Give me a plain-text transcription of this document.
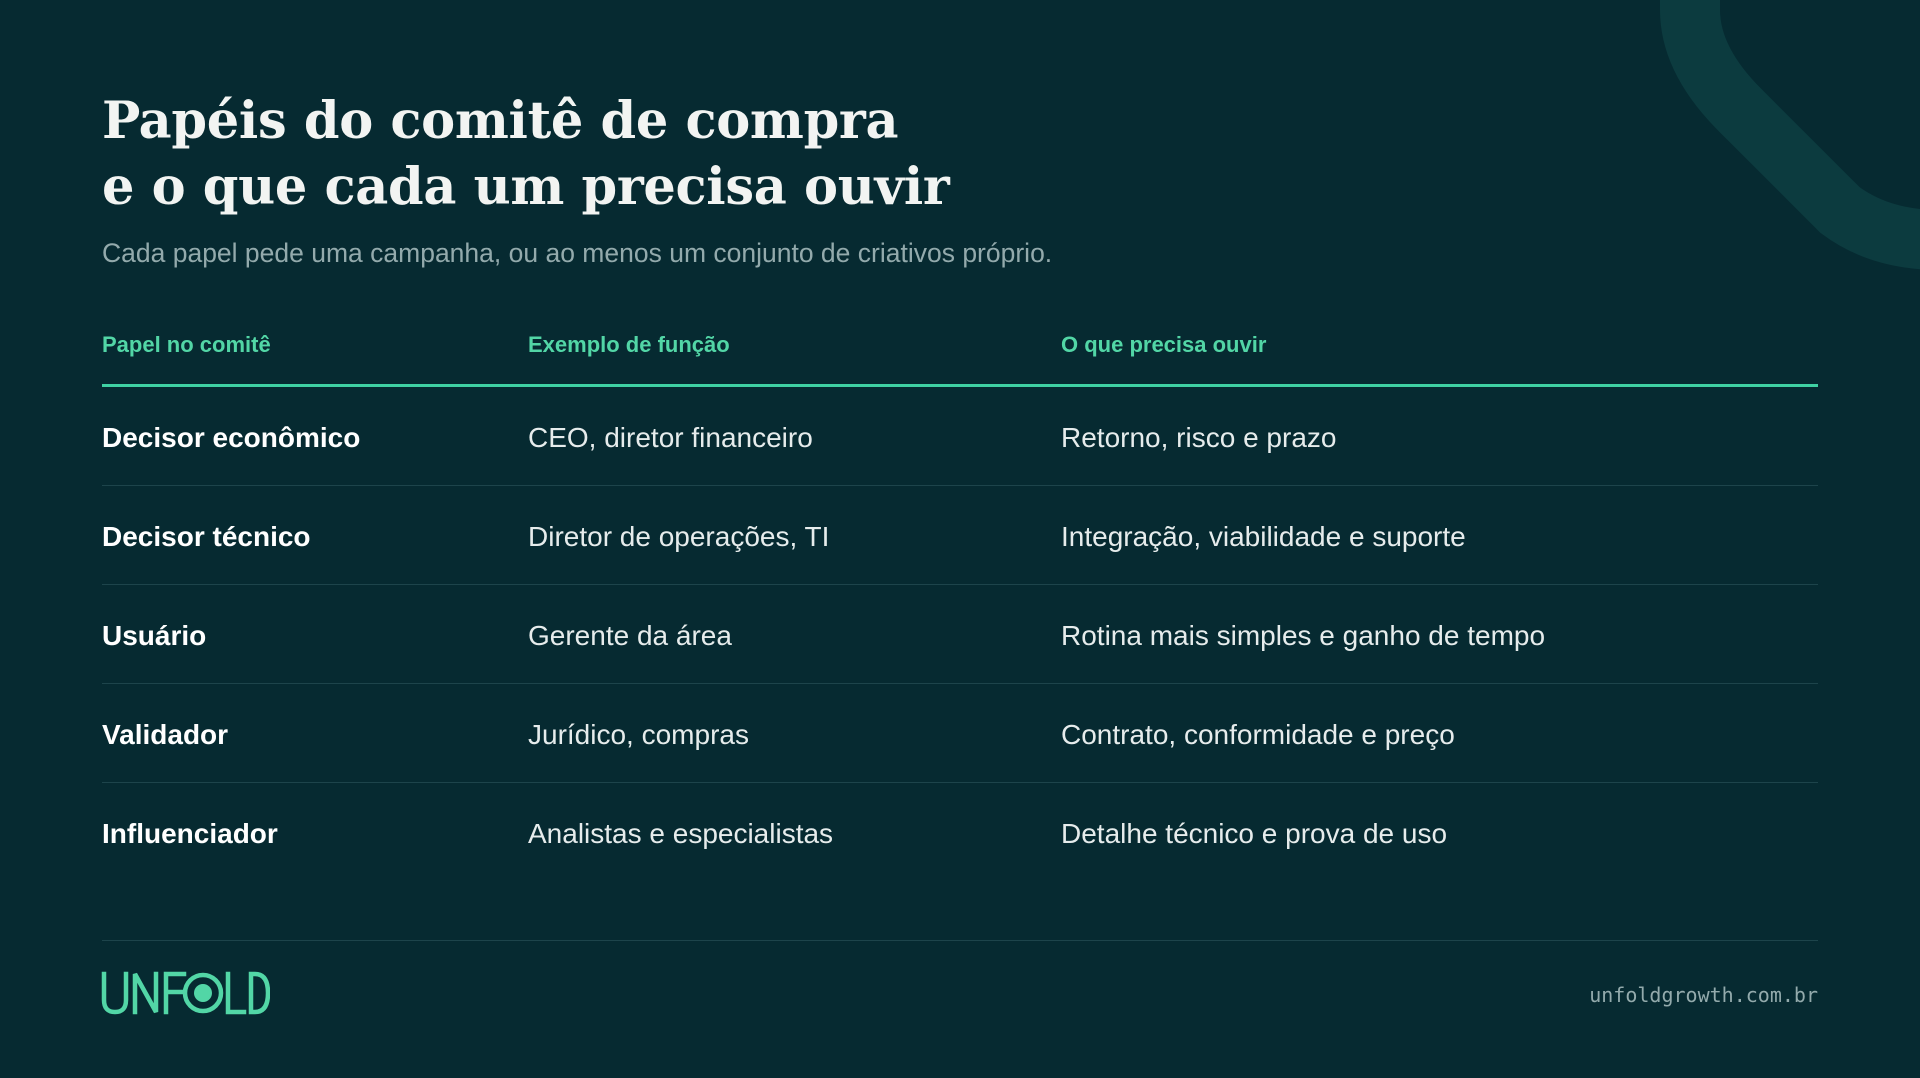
Papéis do comitê de compra
e o que cada um precisa ouvir

Cada papel pede uma campanha, ou ao menos um conjunto de criativos próprio.

Papel no comitê	Exemplo de função	O que precisa ouvir
Decisor econômico	CEO, diretor financeiro	Retorno, risco e prazo
Decisor técnico	Diretor de operações, TI	Integração, viabilidade e suporte
Usuário	Gerente da área	Rotina mais simples e ganho de tempo
Validador	Jurídico, compras	Contrato, conformidade e preço
Influenciador	Analistas e especialistas	Detalhe técnico e prova de uso
unfoldgrowth.com.br
